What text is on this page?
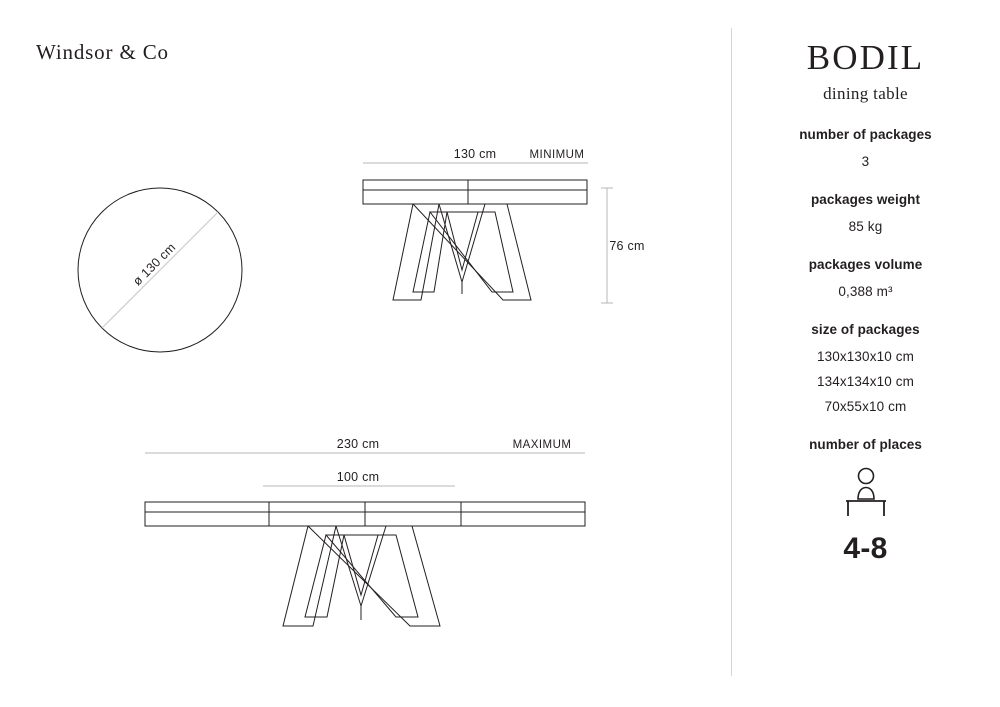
Windsor & Co
ø 130 cm
130 cm	MINIMUM
76 cm
230 cm	MAXIMUM
100 cm
BODIL
dining table
number of packages
3
packages weight
85 kg
packages volume
0,388 m³
size of packages
130x130x10 cm
134x134x10 cm
70x55x10 cm
number of places
4-8
